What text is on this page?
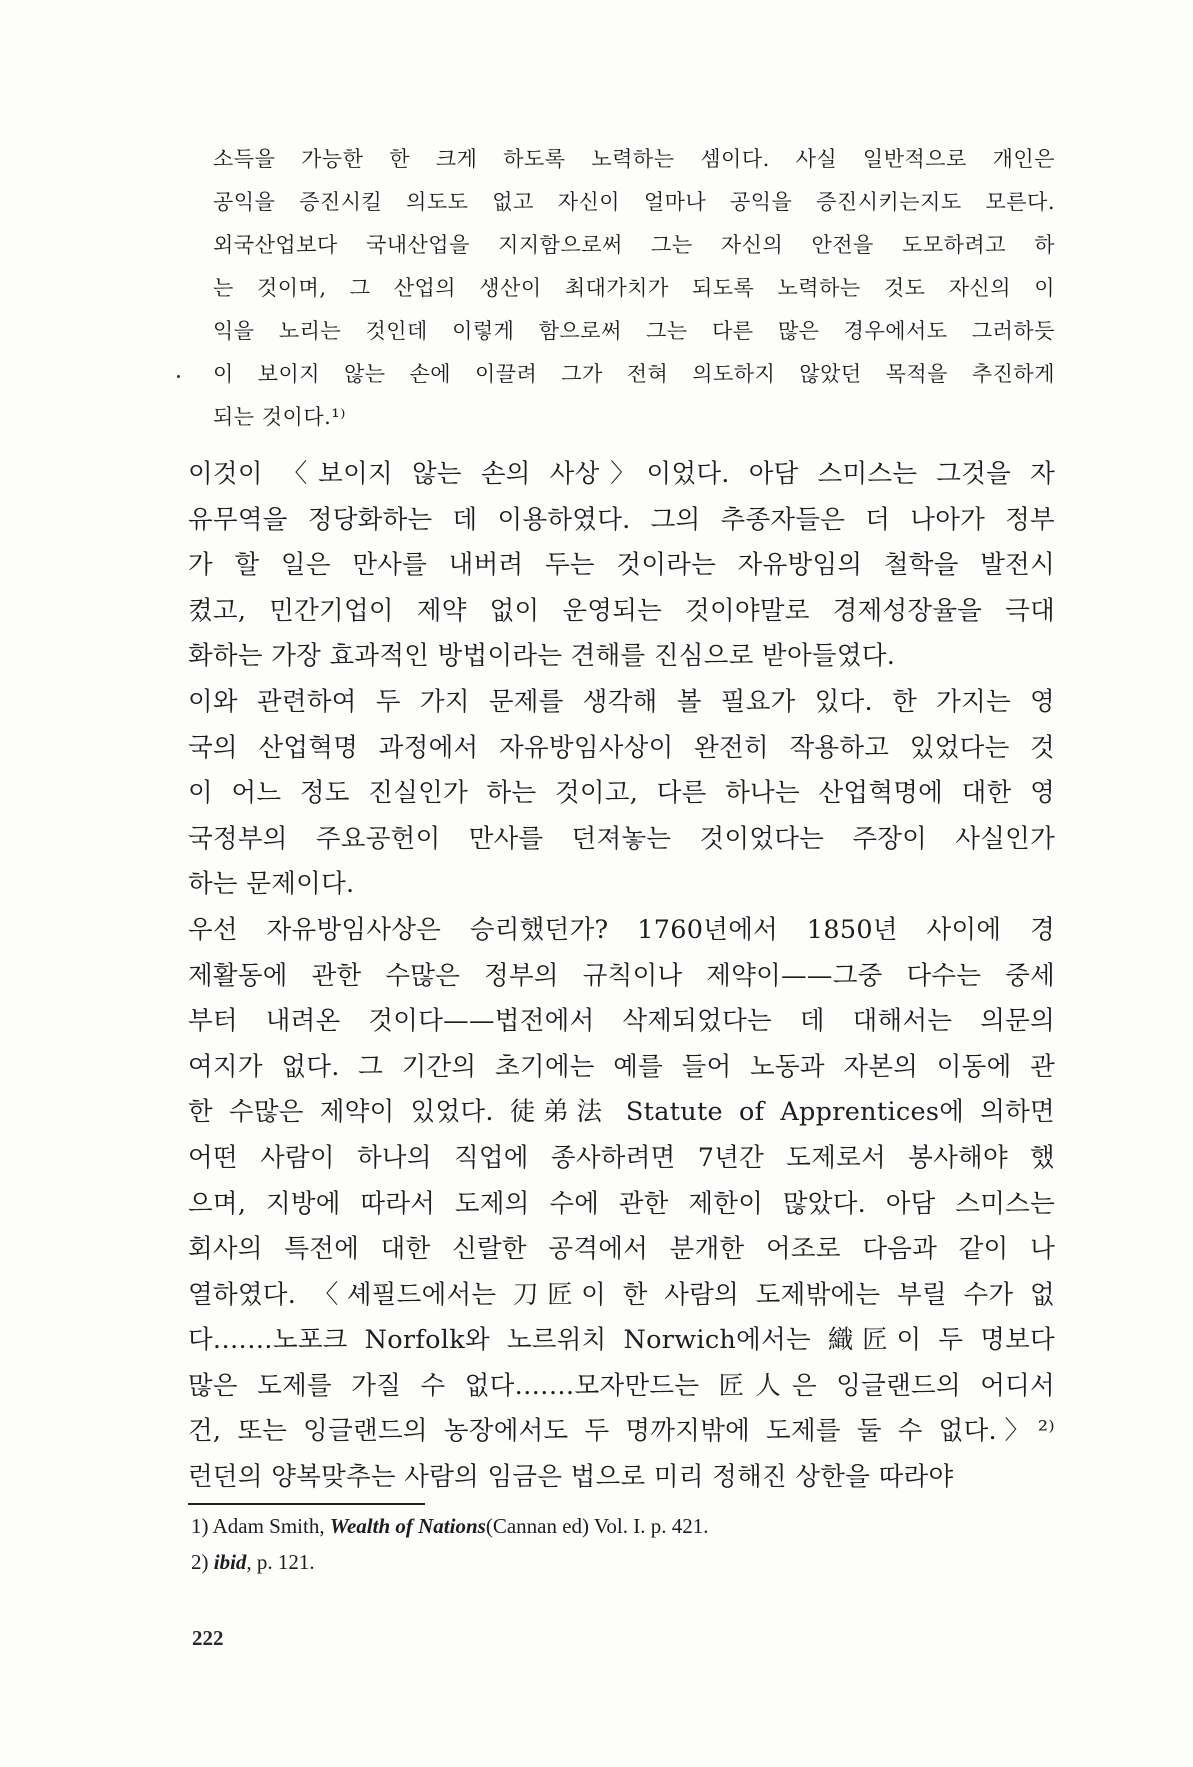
소득을 가능한 한 크게 하도록 노력하는 셈이다. 사실 일반적으로 개인은
공익을 증진시킬 의도도 없고 자신이 얼마나 공익을 증진시키는지도 모른다.
외국산업보다 국내산업을 지지함으로써 그는 자신의 안전을 도모하려고 하
는 것이며, 그 산업의 생산이 최대가치가 되도록 노력하는 것도 자신의 이
익을 노리는 것인데 이렇게 함으로써 그는 다른 많은 경우에서도 그러하듯
이 보이지 않는 손에 이끌려 그가 전혀 의도하지 않았던 목적을 추진하게
되는 것이다.¹⁾
이것이 〈보이지 않는 손의 사상〉이었다. 아담 스미스는 그것을 자
유무역을 정당화하는 데 이용하였다. 그의 추종자들은 더 나아가 정부
가 할 일은 만사를 내버려 두는 것이라는 자유방임의 철학을 발전시
켰고, 민간기업이 제약 없이 운영되는 것이야말로 경제성장율을 극대
화하는 가장 효과적인 방법이라는 견해를 진심으로 받아들였다.
이와 관련하여 두 가지 문제를 생각해 볼 필요가 있다. 한 가지는 영
국의 산업혁명 과정에서 자유방임사상이 완전히 작용하고 있었다는 것
이 어느 정도 진실인가 하는 것이고, 다른 하나는 산업혁명에 대한 영
국정부의 주요공헌이 만사를 던져놓는 것이었다는 주장이 사실인가
하는 문제이다.
우선 자유방임사상은 승리했던가? 1760년에서 1850년 사이에 경
제활동에 관한 수많은 정부의 규칙이나 제약이——그중 다수는 중세
부터 내려온 것이다——법전에서 삭제되었다는 데 대해서는 의문의
여지가 없다. 그 기간의 초기에는 예를 들어 노동과 자본의 이동에 관
한 수많은 제약이 있었다. 徒弟法 Statute of Apprentices에 의하면
어떤 사람이 하나의 직업에 종사하려면 7년간 도제로서 봉사해야 했
으며, 지방에 따라서 도제의 수에 관한 제한이 많았다. 아담 스미스는
회사의 특전에 대한 신랄한 공격에서 분개한 어조로 다음과 같이 나
열하였다. 〈셰필드에서는 刀匠이 한 사람의 도제밖에는 부릴 수가 없
다.……노포크 Norfolk와 노르위치 Norwich에서는 織匠이 두 명보다
많은 도제를 가질 수 없다.……모자만드는 匠人은 잉글랜드의 어디서
건, 또는 잉글랜드의 농장에서도 두 명까지밖에 도제를 둘 수 없다.〉²⁾
런던의 양복맞추는 사람의 임금은 법으로 미리 정해진 상한을 따라야
1) Adam Smith, Wealth of Nations(Cannan ed) Vol. I. p. 421.
2) ibid, p. 121.
222
